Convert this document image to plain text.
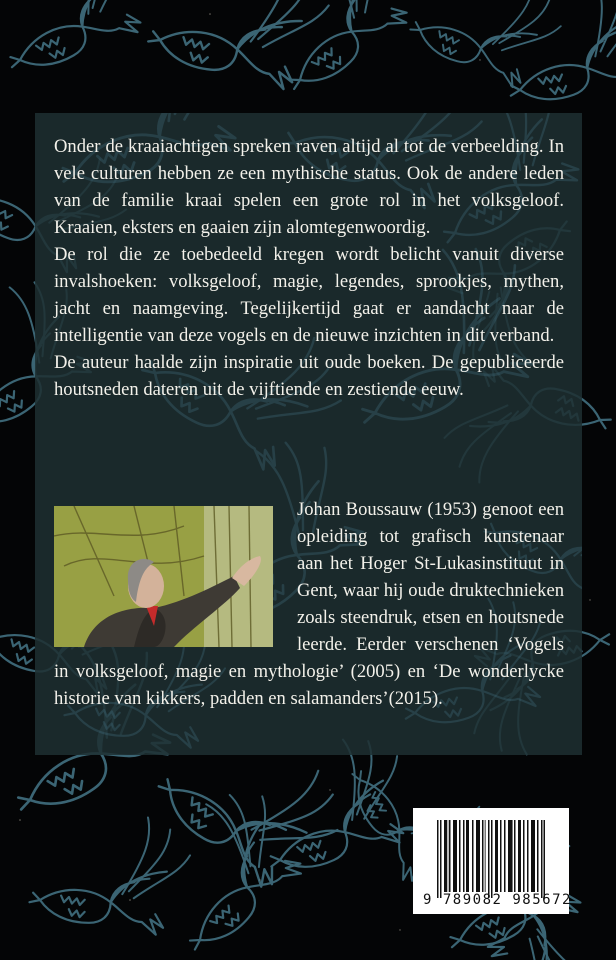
Onder de kraaiachtigen spreken raven altijd al tot de verbeelding. In vele culturen hebben ze een mythische status. Ook de andere leden van de familie kraai spelen een grote rol in het volksgeloof. Kraaien, eksters en gaaien zijn alomtegenwoordig.

De rol die ze toebedeeld kregen wordt belicht vanuit diverse invalshoeken: volksgeloof, magie, legendes, sprookjes, mythen, jacht en naamgeving. Tegelijkertijd gaat er aandacht naar de intelligentie van deze vogels en de nieuwe inzichten in dit verband.

De auteur haalde zijn inspiratie uit oude boeken. De gepubliceerde houtsneden dateren uit de vijftiende en zestiende eeuw.

Johan Boussauw (1953) genoot een opleiding tot grafisch kunstenaar aan het Hoger St-Lukasinstituut in Gent, waar hij oude druktechnieken zoals steendruk, etsen en houtsnede leerde. Eerder verschenen ‘Vogels in volksgeloof, magie en mythologie’ (2005) en ‘De wonderlycke historie van kikkers, padden en salamanders’(2015).
9 789082 985672
